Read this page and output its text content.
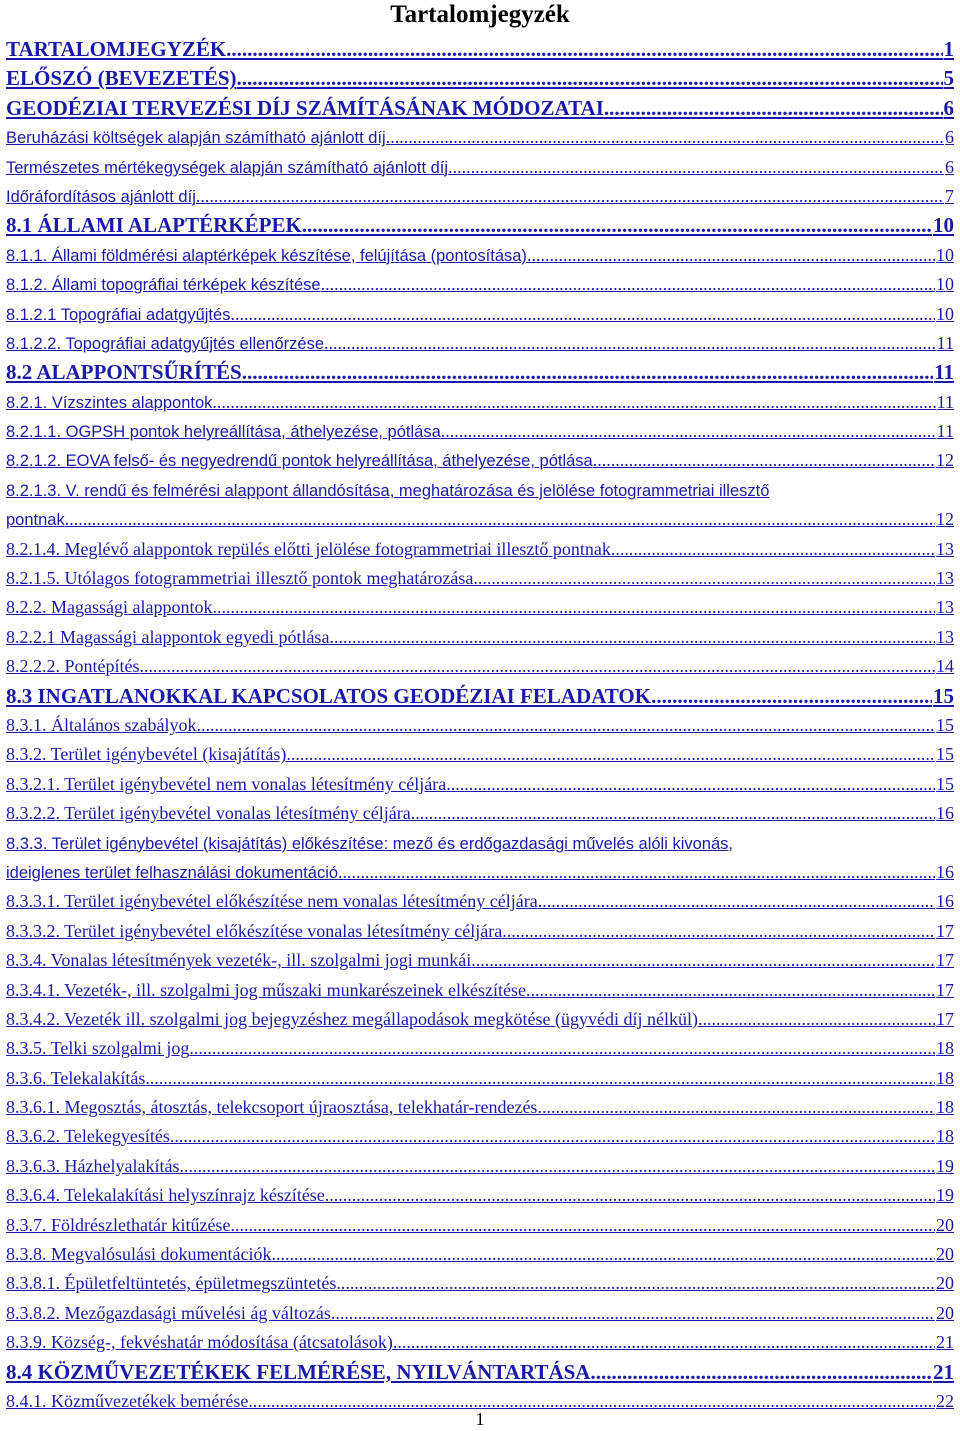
Tartalomjegyzék
TARTALOMJEGYZÉK .....	1
ELŐSZÓ (BEVEZETÉS) .....	5
GEODÉZIAI TERVEZÉSI DÍJ SZÁMÍTÁSÁNAK MÓDOZATAI .....	6
Beruházási költségek alapján számítható ajánlott díj .....	6
Természetes mértékegységek alapján számítható ajánlott díj .....	6
Időráfordításos ajánlott díj .....	7
8.1 ÁLLAMI ALAPTÉRKÉPEK .....	10
8.1.1. Állami földmérési alaptérképek készítése, felújítása (pontosítása) .....	10
8.1.2. Állami topográfiai térképek készítése .....	10
8.1.2.1 Topográfiai adatgyűjtés .....	10
8.1.2.2. Topográfiai adatgyűjtés ellenőrzése .....	11
8.2 ALAPPONTSŰRÍTÉS .....	11
8.2.1. Vízszintes alappontok .....	11
8.2.1.1. OGPSH pontok helyreállítása, áthelyezése, pótlása .....	11
8.2.1.2. EOVA felső- és negyedrendű pontok helyreállítása, áthelyezése, pótlása .....	12
8.2.1.3. V. rendű és felmérési alappont állandósítása, meghatározása és jelölése fotogrammetriai illesztő
pontnak .....	12
8.2.1.4. Meglévő alappontok repülés előtti jelölése fotogrammetriai illesztő pontnak .....	13
8.2.1.5. Utólagos fotogrammetriai illesztő pontok meghatározása .....	13
8.2.2. Magassági alappontok .....	13
8.2.2.1 Magassági alappontok egyedi pótlása .....	13
8.2.2.2. Pontépítés .....	14
8.3 INGATLANOKKAL KAPCSOLATOS GEODÉZIAI FELADATOK .....	15
8.3.1. Általános szabályok .....	15
8.3.2. Terület igénybevétel (kisajátítás) .....	15
8.3.2.1. Terület igénybevétel nem vonalas létesítmény céljára .....	15
8.3.2.2. Terület igénybevétel vonalas létesítmény céljára .....	16
8.3.3. Terület igénybevétel (kisajátítás) előkészítése: mező és erdőgazdasági művelés alóli kivonás,
ideiglenes terület felhasználási dokumentáció .....	16
8.3.3.1. Terület igénybevétel előkészítése nem vonalas létesítmény céljára .....	16
8.3.3.2. Terület igénybevétel előkészítése vonalas létesítmény céljára .....	17
8.3.4. Vonalas létesítmények vezeték-, ill. szolgalmi jogi munkái .....	17
8.3.4.1. Vezeték-, ill. szolgalmi jog műszaki munkarészeinek elkészítése .....	17
8.3.4.2. Vezeték ill. szolgalmi jog bejegyzéshez megállapodások megkötése (ügyvédi díj nélkül) .....	17
8.3.5. Telki szolgalmi jog .....	18
8.3.6. Telekalakítás .....	18
8.3.6.1. Megosztás, átosztás, telekcsoport újraosztása, telekhatár-rendezés .....	18
8.3.6.2. Telekegyesítés .....	18
8.3.6.3. Házhelyalakítás .....	19
8.3.6.4. Telekalakítási helyszínrajz készítése .....	19
8.3.7. Földrészlethatár kitűzése .....	20
8.3.8. Megvalósulási dokumentációk .....	20
8.3.8.1. Épületfeltüntetés, épületmegszüntetés .....	20
8.3.8.2. Mezőgazdasági művelési ág változás .....	20
8.3.9. Község-, fekvéshatár módosítása (átcsatolások) .....	21
8.4 KÖZMŰVEZETÉKEK FELMÉRÉSE, NYILVÁNTARTÁSA .....	21
8.4.1. Közművezetékek bemérése .....	22
1
